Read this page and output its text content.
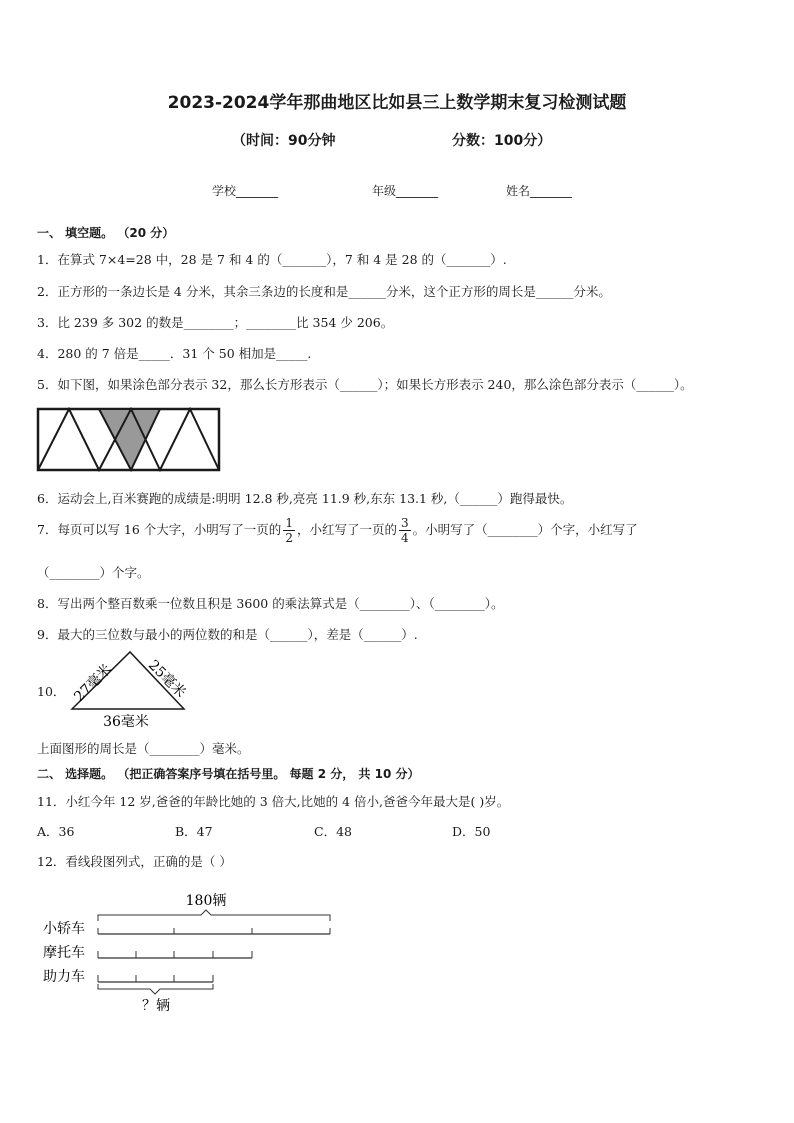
2023-2024学年那曲地区比如县三上数学期末复习检测试题
（时间：90分钟	分数：100分）
学校_______	年级_______	姓名_______
一、 填空题。 （20 分）
1．在算式 7×4=28 中，28 是 7 和 4 的（_______），7 和 4 是 28 的（_______）.
2．正方形的一条边长是 4 分米，其余三条边的长度和是______分米，这个正方形的周长是______分米。
3．比 239 多 302 的数是________；________比 354 少 206。
4．280 的 7 倍是_____．31 个 50 相加是_____.
5．如下图，如果涂色部分表示 32，那么长方形表示（______）；如果长方形表示 240，那么涂色部分表示（______）。
6．运动会上,百米赛跑的成绩是:明明 12.8 秒,亮亮 11.9 秒,东东 13.1 秒,（______）跑得最快。
7．每页可以写 16 个大字，小明写了一页的 $\frac{1}{2}$ ，小红写了一页的 $\frac{3}{4}$ 。小明写了（________）个字，小红写了
（________）个字。
8．写出两个整百数乘一位数且积是 3600 的乘法算式是（________）、（________）。
9．最大的三位数与最小的两位数的和是（______），差是（______）.
10． 27毫米 25毫米
36毫米
上面图形的周长是（________）毫米。
二、 选择题。 （把正确答案序号填在括号里。 每题 2 分， 共 10 分）
11．小红今年 12 岁,爸爸的年龄比她的 3 倍大,比她的 4 倍小,爸爸今年最大是( )岁。
A．36	B．47	C．48	D．50
12．看线段图列式，正确的是（ ）
180辆
小轿车
摩托车
助力车
？辆
